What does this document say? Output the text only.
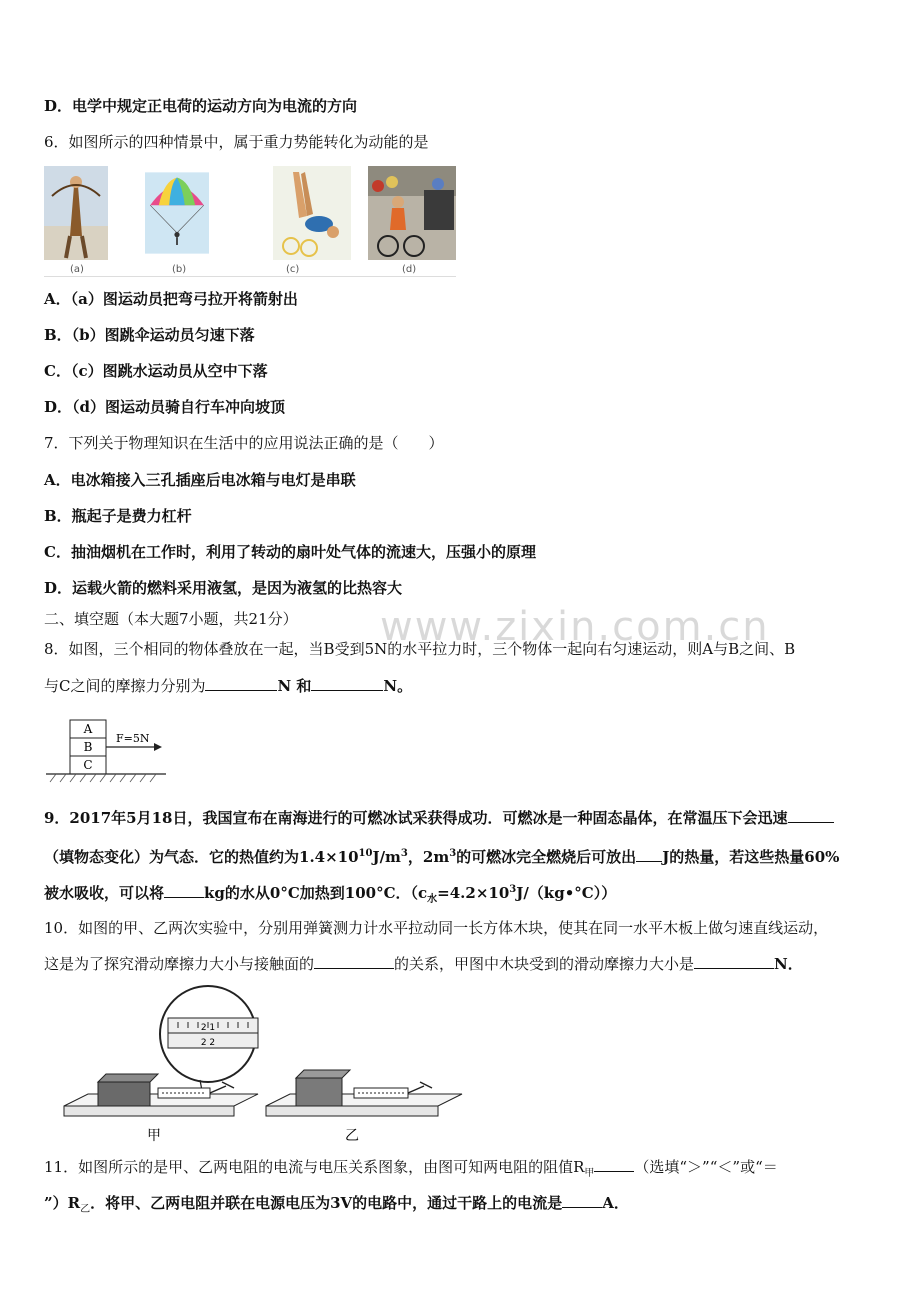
www.zixin.com.cn
D．电学中规定正电荷的运动方向为电流的方向
6．如图所示的四种情景中，属于重力势能转化为动能的是
(a)	(b)	(c)	(d)
A．（a）图运动员把弯弓拉开将箭射出
B．（b）图跳伞运动员匀速下落
C．（c）图跳水运动员从空中下落
D．（d）图运动员骑自行车冲向坡顶
7．下列关于物理知识在生活中的应用说法正确的是（　　）
A．电冰箱接入三孔插座后电冰箱与电灯是串联
B．瓶起子是费力杠杆
C．抽油烟机在工作时，利用了转动的扇叶处气体的流速大，压强小的原理
D．运载火箭的燃料采用液氢，是因为液氢的比热容大
二、填空题（本大题7小题，共21分）
8．如图，三个相同的物体叠放在一起，当B受到5N的水平拉力时，三个物体一起向右匀速运动，则A与B之间、B
与C之间的摩擦力分别为	N 和	N。
A
B
C
F=5N
9．2017年5月18日，我国宣布在南海进行的可燃冰试采获得成功．可燃冰是一种固态晶体，在常温压下会迅速
（填物态变化）为气态．它的热值约为$1.4\times 10^{10}J/m^3$，$2m^3$的可燃冰完全燃烧后可放出 J的热量，若这些热量60%
被水吸收，可以将	kg的水从0°C加热到100°C．$(c_水=4.2\times 10^3J/(kg•^\circ C))$
10．如图的甲、乙两次实验中，分别用弹簧测力计水平拉动同一长方体木块，使其在同一水平木板上做匀速直线运动，
这是为了探究滑动摩擦力大小与接触面的	的关系，甲图中木块受到的滑动摩擦力大小是	N．
2 2
2 1
甲	乙
11．如图所示的是甲、乙两电阻的电流与电压关系图象，由图可知两电阻的阻值$R_甲$	（选填“＞”“＜”或“＝
$”)R_乙$．将甲、乙两电阻并联在电源电压为3V的电路中，通过干路上的电流是	A．
